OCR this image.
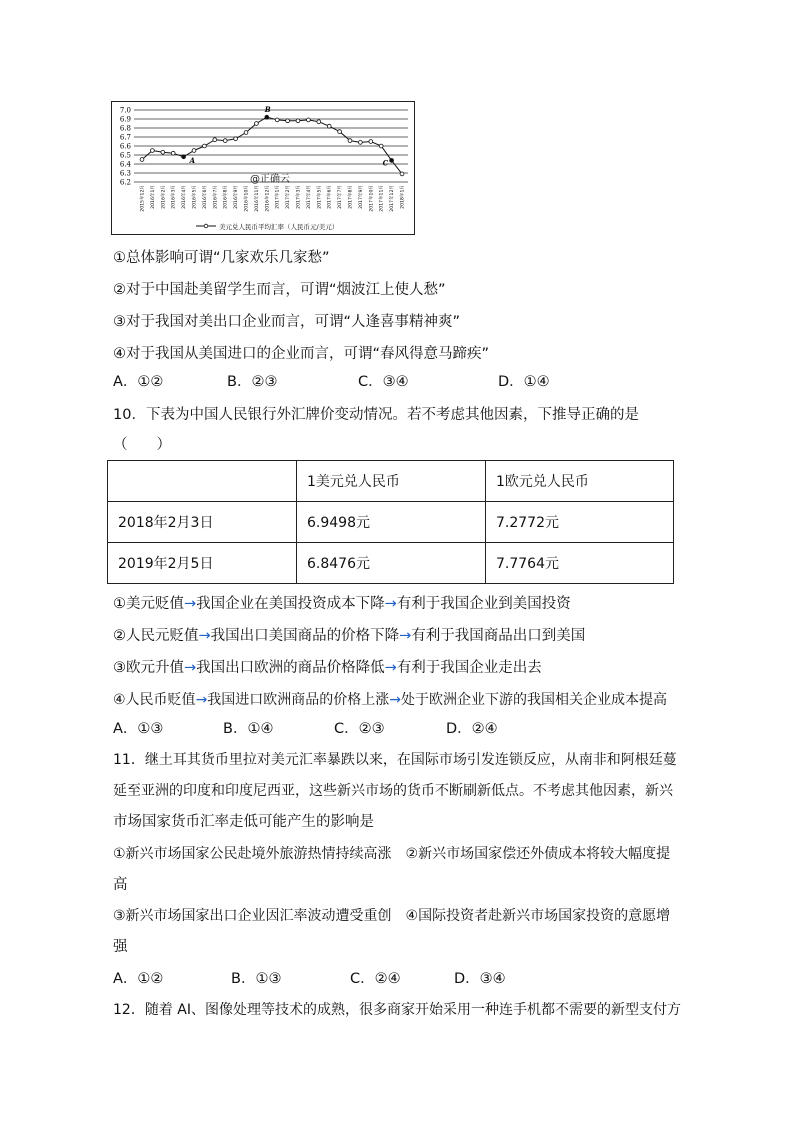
7.0
6.9
6.8
6.7
6.6
6.5
6.4
6.3
6.2
2015年12月	2016年1月	2016年2月	2016年3月	2016年4月	2016年5月	2016年6月	2016年7月	2016年8月	2016年9月	2016年10月	2016年11月	2016年12月	2017年1月	2017年2月	2017年3月	2017年4月	2017年5月	2017年6月	2017年7月	2017年8月	2017年9月	2017年10月	2017年11月	2017年12月	2018年1月
A
B
C
@正确云
美元兑人民币平均汇率（人民币元/美元）
①总体影响可谓“几家欢乐几家愁”
②对于中国赴美留学生而言，可谓“烟波江上使人愁”
③对于我国对美出口企业而言，可谓“人逢喜事精神爽”
④对于我国从美国进口的企业而言，可谓“春风得意马蹄疾”
A．①②	B．②③	C．③④	D．①④
10．下表为中国人民银行外汇牌价变动情况。若不考虑其他因素，下推导正确的是
（　　）
	1美元兑人民币	1欧元兑人民币
2018年2月3日	6.9498元	7.2772元
2019年2月5日	6.8476元	7.7764元
①美元贬值→我国企业在美国投资成本下降→有利于我国企业到美国投资
②人民元贬值→我国出口美国商品的价格下降→有利于我国商品出口到美国
③欧元升值→我国出口欧洲的商品价格降低→有利于我国企业走出去
④人民币贬值→我国进口欧洲商品的价格上涨→处于欧洲企业下游的我国相关企业成本提高
A．①③	B．①④	C．②③	D．②④
11．继土耳其货币里拉对美元汇率暴跌以来，在国际市场引发连锁反应，从南非和阿根廷蔓
延至亚洲的印度和印度尼西亚，这些新兴市场的货币不断刷新低点。不考虑其他因素，新兴
市场国家货币汇率走低可能产生的影响是
①新兴市场国家公民赴境外旅游热情持续高涨　②新兴市场国家偿还外债成本将较大幅度提
高
③新兴市场国家出口企业因汇率波动遭受重创　④国际投资者赴新兴市场国家投资的意愿增
强
A．①②	B．①③	C．②④	D．③④
12．随着 AI、图像处理等技术的成熟，很多商家开始采用一种连手机都不需要的新型支付方
